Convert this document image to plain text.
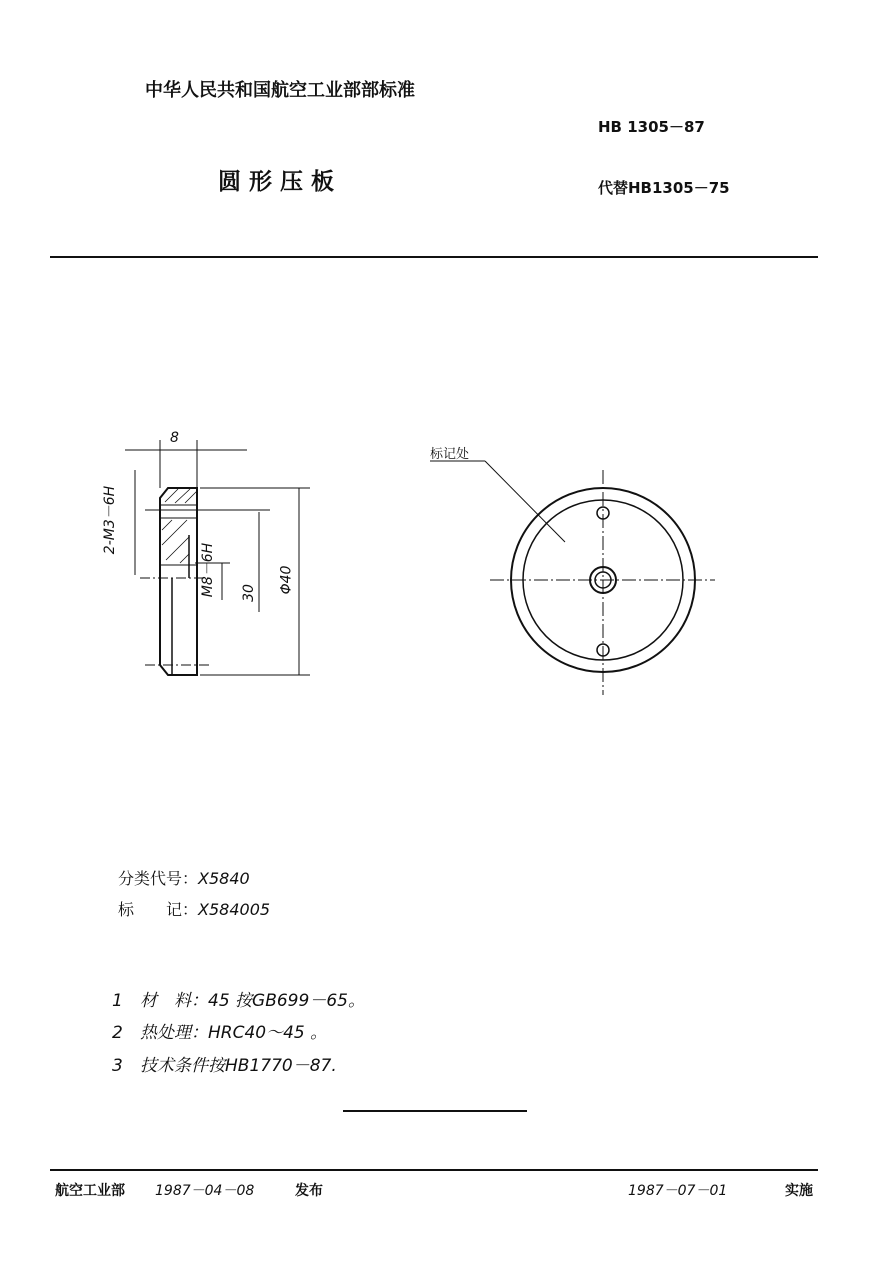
中华人民共和国航空工业部部标准
HB 1305－87
圆 形 压 板	代替HB1305－75
8
2-M3－6H
M8－6H 30 Φ40
标记处
分类代号：X5840
标　　记：X584005
1 材　料：45 按GB699－65。
2 热处理：HRC40～45 。
3 技术条件按HB1770－87.
航空工业部 1987－04－08	发布	1987－07－01	实施
